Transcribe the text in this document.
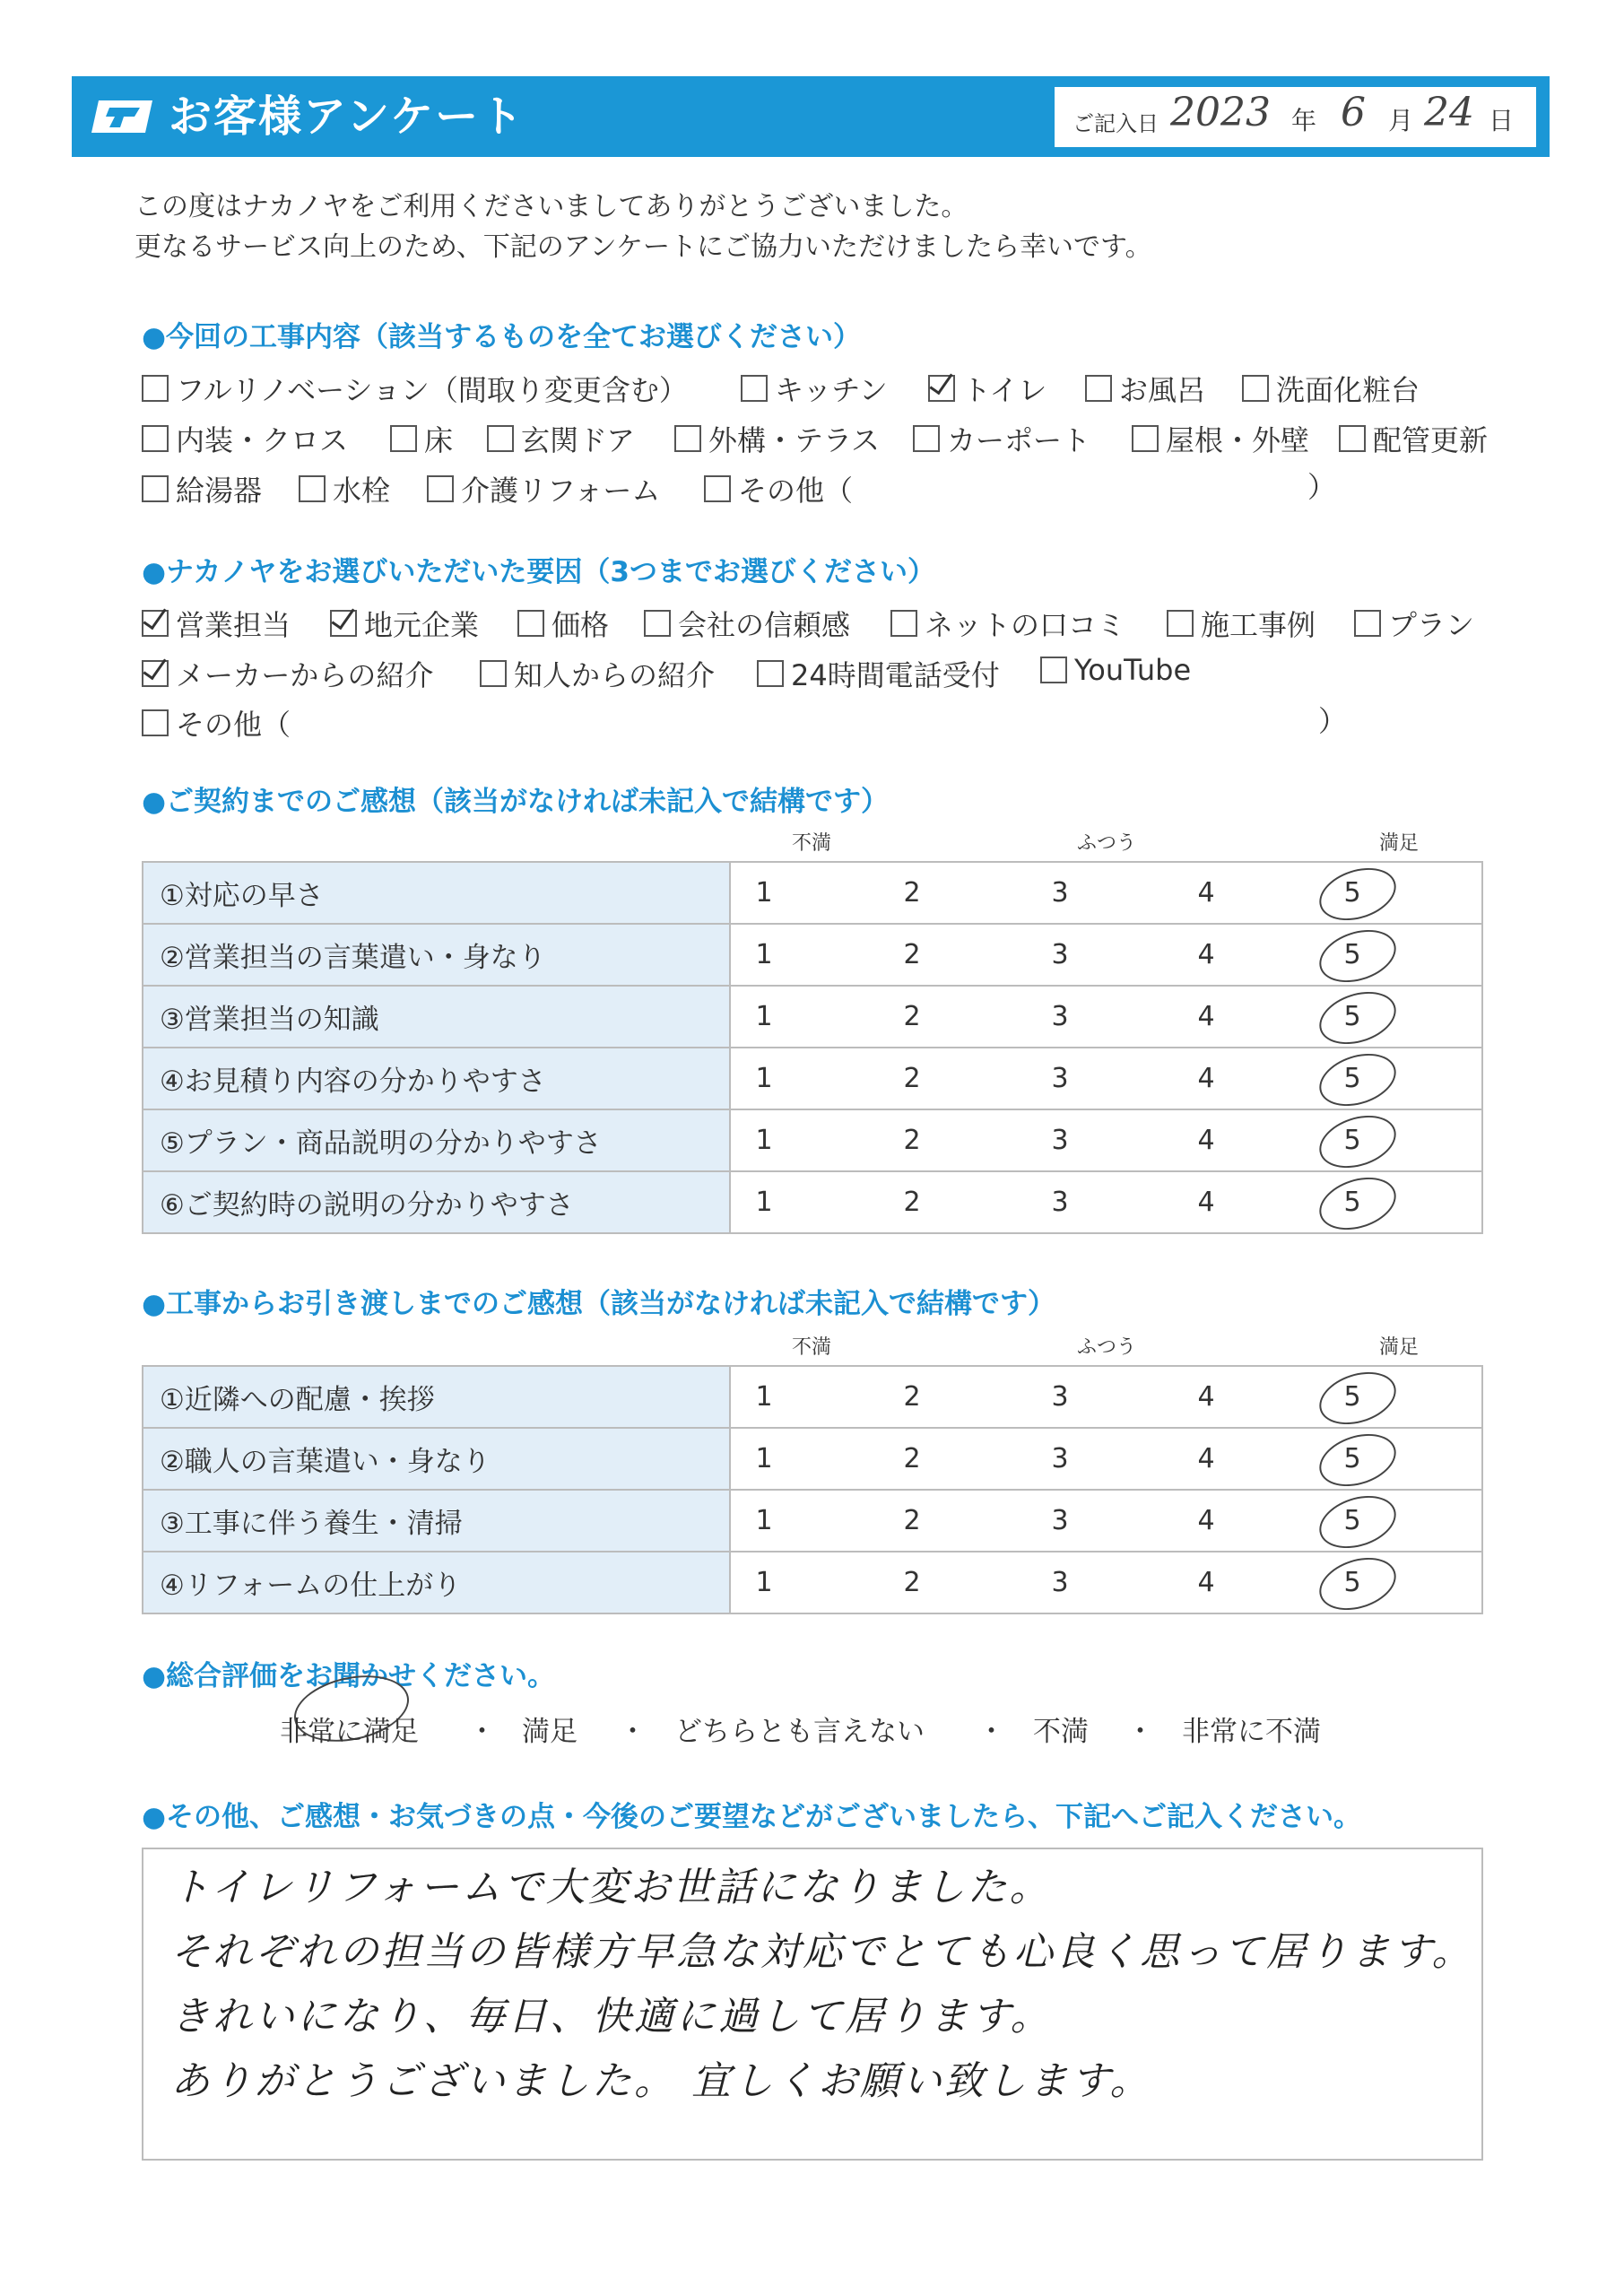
お客様アンケート	ご記入日 2023 年 6 月 24 日
この度はナカノヤをご利用くださいましてありがとうございました。
更なるサービス向上のため、下記のアンケートにご協力いただけましたら幸いです。
●今回の工事内容（該当するものを全てお選びください）
フルリノベーション（間取り変更含む）	キッチン	トイレ	お風呂 洗面化粧台
内装・クロス	床 玄関ドア	外構・テラス カーポート	屋根・外壁 配管更新
給湯器 水栓 介護リフォーム	その他（	）
●ナカノヤをお選びいただいた要因（3つまでお選びください）
営業担当	地元企業	価格 会社の信頼感	ネットの口コミ	施工事例	プラン
メーカーからの紹介	知人からの紹介	24時間電話受付	YouTube
その他（	）
●ご契約までのご感想（該当がなければ未記入で結構です）
不満	ふつう	満足
①対応の早さ	1	2	3	4	5
②営業担当の言葉遣い・身なり	1	2	3	4	5
③営業担当の知識	1	2	3	4	5
④お見積り内容の分かりやすさ	1	2	3	4	5
⑤プラン・商品説明の分かりやすさ	1	2	3	4	5
⑥ご契約時の説明の分かりやすさ	1	2	3	4	5
●工事からお引き渡しまでのご感想（該当がなければ未記入で結構です）
不満	ふつう	満足
①近隣への配慮・挨拶	1	2	3	4	5
②職人の言葉遣い・身なり	1	2	3	4	5
③工事に伴う養生・清掃	1	2	3	4	5
④リフォームの仕上がり	1	2	3	4	5
●総合評価をお聞かせください。
非常に満足 ・ 満足 ・ どちらとも言えない ・ 不満 ・ 非常に不満
●その他、ご感想・お気づきの点・今後のご要望などがございましたら、下記へご記入ください。
トイレリフォームで大変お世話になりました。
それぞれの担当の皆様方早急な対応でとても心良く思って居ります。
きれいになり、毎日、快適に過して居ります。
ありがとうございました。 宜しくお願い致します。
